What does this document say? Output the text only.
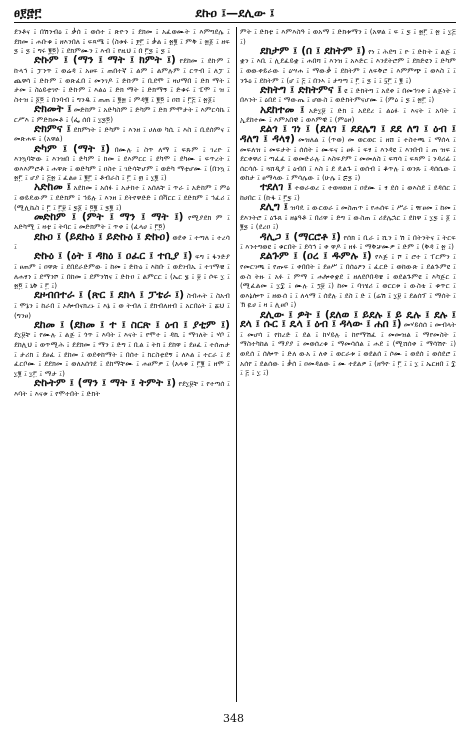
ፀ፻፸፫	ደኩዐ ፤—ደሊው ፤

ደንቶና ፤ በሽንብዕ ፤ ቃሰ ፤ ወሰተ ፤ ጽዮን ፤ ደክመ ፤ አፈወሙት ፤ እምግደሌ ፤ ደክመ ፤ ሐቡቁ ፤ ዘእንበለ ፤ ፍጻሜ ፤ (ስቱፉ ፤ ፻፫ ፤ ቃል ፤ ፳፪ ፤ ምቅ ፤ ፳፩ ፤ ዘፍ ፯ ፤ ፯ ፤ ግሩ ፪፬) ፤ ደክምሙን ፤ እብ ፤ የዚህ ፤ በ ፫፯ ፤ ፯ ፤

ድኩም ፤ (ማን ፤ ማት ፤ ክምት ፤) የደከመ ፤ ደኩም ፤ ኩላኅ ፤ ፓንጥ ፤ ወሬዳ ፤ አፀፍ ፤ ጠበተኛ ፤ ልም ፤ ልምሉም ፤ ርጥብ ፤ ለፓ ፤ ጨዋሳ ፤ ድኩም ፤ ወጽፈበ ፤ መንገዶ ፤ ድኩም ፤ ቢደሞ ፤ ዛሀማበ ፤ ድክ ማት ፤ ታመ ፤ ስዕይቲገዮ ፤ ድኩም ፤ እልዕ ፤ ድክ ማት ፤ ድክማኝ ፤ ድቁሩ ፤ ፒሞ ፤ ዝ ፤ ስተዝ ፤ ፩፬ ፤ በንባብ ፤ ግንዱ ፤ ጠጠ ፤ ፪፳ ፤ ምዳ፪ ፤ ፪፬ ፤ ዐሸ ፤ ፫፭ ፤ ፳፩፤

ድክመት ፤ መድከም ፤ አድካስም ፤ ድካም ፤ ድክ ምሞታት ፤ እምርሳኬ ፤ ርሥእ ፤ ምድክመቶ ፤ (ፌ ሰበ ፤ ፲፯፬)

ድክምና ፤ ደክምነት ፤ ድካም ፤ እንዘ ፤ ሀለወ ካሲ ፤ እስ ፤ ቢደሰምና ፤ መጽሐፍ ፤ (አዋል)

ድካም ፤ (ማት ፤) በሙሉ ፤ ስጥ ለማ ፤ ፍጹም ፤ ገረዮ ፤ እንኳባቸው ፤ እንዝበ ፤ ድካም ፤ ከመ ፤ ደእምርር ፤ ደካሞ ፤ ደካሙ ፤ ፍጥረት ፤ ወእእምሮቶ ፤ ሐዋጵ ፤ ወድካም ፤ ዐስተ ፤ ገድሳቸሆም ፤ ወድካ ማቲሆሙ ፤ (በንኳ ፤ ፳፫ ፤ ሆያ ፤ ፭፳ ፤ ፈልፀ ፤ ፪፫ ፤ ቶብራስ ፤ ፫ ፤ ፴ ፤ ፲፪ ፤)

አድከመ ፤ አደከመ ፤ አሰፉ ፤ አታከተ ፤ አሰለቸ ፤ ጥራ ፤ አድከም ፤ ምዕ ፤ ወይዴውም ፤ ደድክም ፤ ኅይሉ ፤ እንዘ ፤ ደትየዋድድ ፤ በቫርር ፤ ደድክም ፤ ኅፈሪ ፤ (ሚሊኬስ ፤ ፫ ፤ ፫፱ ፤ ፯፩ ፤ ፬፪ ፤ ፯፪ ፤)

መድከም ፤ (ምት ፤ ማን ፤ ማት ፤) የሚያደክ ም ፤ አድካሚ ፤ ዛቲ ፤ ትባር ፤ መድክምት ፤ ጥቀ ፤ (ፈላሀ ፤ ፫፬)

ደኩዐ ፤ (ይደኩዕ ፤ ይድኩዕ ፤ ድኩዐ) ወደቀ ፤ ተጣለ ፤ ተረሳ ፤

ድኩዕ ፤ (ዕት ፤ ዳክዕ ፤ ዐፈር ፤ ተቢያ ፤) ፍግ ፤ ፋንድያ ፤ ፀጠም ፤ ዐዋጽ ፤ ደበደራድምው ፤ ከመ ፤ ድኩዕ ፤ እከቡ ፤ ወደገብኡ ፤ ተገማቼ ፤ ለሐፃን ፤ ደማንሾ ፤ በከመ ፤ ደምንሽና ፤ ድኩዐ ፤ ልምርር ፤ (ኤር ፮ ፤ ፱ ፤ ሶፍ ፲ ፤ ፳፬ ፤ ኒቅ ፤ ፫ ፤)

ደዞብበተራ ፤ (ጽር ፤ ደክላ ፤ ፓቴራ ፤) ስብሐት ፤ ስአብ ፤ ሞኔን ፤ ከራበ ፤ ኦሎብናክረኑ ፤ እኔ ፤ ወ ትብለ ፤ ደክብለዘብ ፤ አርበዕት ፤ ፚህ ፤ (ግንፀ)

ደከመ ፤ (ደክመ ፤ ተ ፤ ስርጽ ፤ ዕብ ፤ ያቲም ፤) ደ፲፱ቸ ፤ የሙሉ ፤ ልጅ ፤ ጎጥ ፤ እባት ፤ እናት ፤ የሞተ ፤ ዳኪ ፤ ማገለት ፤ ሃቦ ፤ ደከሊህ ፤ ወጥሚሕ ፤ ደደክመ ፤ ማን ፤ ድግ ፤ ቢል ፤ ትክ ፤ ደከዋ ፤ ደፀፈ ፤ ተሰጠታ ፤ ታሪክ ፤ ደፀፈ ፤ ደከመ ፤ ወደቀከማት ፤ በሰተ ፤ ክርስቲደኝ ፤ ለእል ፤ ተርራ ፤ ደ ፈርቦሙ ፤ ደደክመ ፤ ወለአሰጎደ ፤ ደከማቸሙ ፤ ሐፀምዎ ፤ (አላቁ ፤ ፫፪ ፤ ዘሞ ፤ ፲፪ ፤ ፲፫ ፤ ማታ ፤)

ድኩትም ፤ (ማን ፤ ማት ፤ ትምት ፤) የደ፲፱ቸ ፤ የተጣሰ ፤ እባት ፤ እናቱ ፤ የሞተበት ፤ ድክት

ምት ፤ ድክቲ ፤ እምእስዓ ፤ ወአማ ፤ ድክቱማን ፤ (አዋል ፤ ፍ ፤ ፯ ፤ ፳፫ ፤ ፳ ፤ ፲፭ ፤)

ደክታም ፤ (በ ፤ ደከትም ፤) የነ ፤ ሕደግ ፤ ዮ ፤ ድኩት ፤ ልጅ ፤ ቋን ፤ እቢ ፤ ሊደፈይቋ ፤ ሐበሻ ፤ እንዝ ፤ አእድር ፤ እንደትሮም ፤ ደክድዩን ፤ ድካም ፤ ወውቀይራው ፤ ዕሣሐ ፤ ማውቃ ፤ ደከትም ፤ ለፍቅሮ ፤ እምምጭ ፤ ወእስ ፤ ፤ ንጉዕ ፤ ደከትም ፤ (ሆ ፤ ፭ ፤ በንኣ ፤ ታግጣ ፤ ፫ ፤ ፯ ፤ ፤ ፶፫ ፤ ፪ ፤)

ድክትግ ፤ ድክትምና ፤ ዩ ፤ ድክትግ ፤ አደቀ ፤ በመኅገቀ ፤ ልጅነት ፤ በእንት ፤ ዕበደ ፤ ማውጤ ፤ ሆውስ ፤ ወድክትምናሆሙ ፤ (ምዕ ፤ ፯ ፤ ፳፫ ፤)

አደከተመ ፤ አድ፲፱ ፤ ድክ ፤ አደደረ ፤ ልዕፉ ፤ እናት ፤ አባት ፤ ኢደከተሙ ፤ እምአበዊ ፤ ወእምዊ ፤ (ምዕዞ)

ደልጎ ፤ ገነ ፤ (ደለገ ፤ ደደሌግ ፤ ደደ ለግ ፤ ዕብ ፤ ዳለግ ፤ ዳላፃ) መዝለል ፤ (ጥወ) መ ወርወር ፤ ዘሸ ፤ ተስተጫ ፤ ማሰላ ፤ መፍለዝ ፤ መፍታት ፤ ሰሰት ፤ ሙፍና ፤ ፀፉ ፤ ፍፃ ፤ እንዳዩ ፤ እንበብ ፤ ጠ ዝፍ ፤ ደርቀዋሪ ፤ ጣፈፈ ፤ ወመድራሉ ፤ እስፍያም ፤ መመለስ ፤ ፍሻሳ ፤ ፍጻም ፤ ንዳሪፊ ፤ ሰርሳሱ ፤ ጓሸዲያ ፤ ዕብበ ፤ እስ ፤ ደ ዴልጉ ፤ ወሰብ ፤ ቆጥሉ ፤ ወንጹ ፤ ዳሰሴው ፤ ወከታ ፤ ፀማላው ፤ ምሳሌው ፤ (ሁሌ ፤ ፷፯ ፤)

ተደለገ ፤ ተወራወረ ፤ ተወዛወዘ ፤ ዐደሙ ፤ ፃ ደሰ ፤ ወእስደ ፤ ደዳሰር ፤ ከሀበር ፤ (ኩፋ ፤ ፫፯ ፤)

ደሊግ ፤ ዝባዴ ፤ ውርወራ ፤ መስጠጥ ፤ የሐሰፍ ፤ ሥራ ፤ ዥፀመ ፤ ከመ ፤ ደእንትሮ ፤ ዕጉጸ ፤ ዘፅዓቶ ፤ በሪዋ ፤ ድግ ፤ ውስጠ ፤ ሪደሌኋር ፤ ደከዋ ፤ ፲፯ ፤ ፩ ፤ ፪፯ ፤ (ደረዐ ፤)

ዳሊጋ ፤ (ማርሮቶ ፤) የሰክ ፤ ቢራ ፤ ሺን ፤ ሽ ፤ በትንትና ፤ ትርፍ ፤ እንተግወዩ ፤ ቁርበት ፤ ደሳኅ ፤ ቀ ዋዶ ፤ ዘፉ ፤ ማቅቻሙዎ ፤ ድም ፤ (ቅዳ ፤ ፳ ፤)

ደልጉም ፤ (ዐረ ፤ ዱምሉ ፤) የእጅ ፤ ሾ ፤ ሮተ ፤ ፐርምን ፤ የመርገጫ ፤ የጡፍ ፤ ቀበበት ፤ ደፀሥ ፤ በሰዕዖን ፤ ፈርድ ፤ ወከውጽ ፤ ደልጕምዩ ፤ ውስ ትዙ ፤ አፉ ፤ ምማ ፤ ሐሎቀቋደ ፤ ዘለደቦበዳቼ ፤ ወደልጉምዩ ፤ እካጅር ፤ (ሚፈልመ ፤ ፲፰ ፤ ሙሉ ፤ ፺፱ ፤) ከመ ፤ ባገሄሪ ፤ ወርርቱ ፤ ውስቴ ፤ ቁጥር ፤ ወእኔሎጥ ፤ ዘውሰ ፤ ፤ ለላማ ፤ ሰደሉ ፤ ደስ ፤ ድ ፤ (ሬሽ ፤ ፲፱ ፤ ደልሰፕ ፤ ማሰት ፤ ኽ ዪሀ ፤ ዛ ፤ ሊፀቦ ፤)

ደሊው ፤ ዎት ፤ (ደለወ ፤ ይደሉ ፤ ይ ዴሉ ፤ ደሉ ፤ ደላ ፤ ሱር ፤ ዴላ ፤ ዕብ ፤ ዳላው ፤ ሐበ ፤) መሃይሰሰ ፤ መብላት ፤ መሆሳ ፤ የከረድ ፤ ደል ፤ ከሃይሉ ፤ ከየማሽፈ ፤ መመዝል ፤ ማየመስት ፤ ማስተካከል ፤ ማያያ ፤ መወሰረቁ ፤ ማመሳሰል ፤ ሐደ ፤ (ሚሸሰቀ ፤ ማሳሽዮ ፤) ወዴሰ ፤ ሰሎጥ ፤ ድለ ውአ ፤ ለቀ ፤ ወርራቱ ፤ ወደልሰ ፤ ሶሙ ፤ ወደሰ ፤ ወሰደሮ ፤ አሰየ ፤ ደልሰው ፤ ቃሰ ፤ ዐመዳልው ፤ ሙ ተደልዎ ፤ (ዘዓዮ ፤ ፫ ፤ ፤ ፲ ፤ ኤርዘበ ፤ ፰ ፤ ፭ ፤ ፲ ፤)

348
